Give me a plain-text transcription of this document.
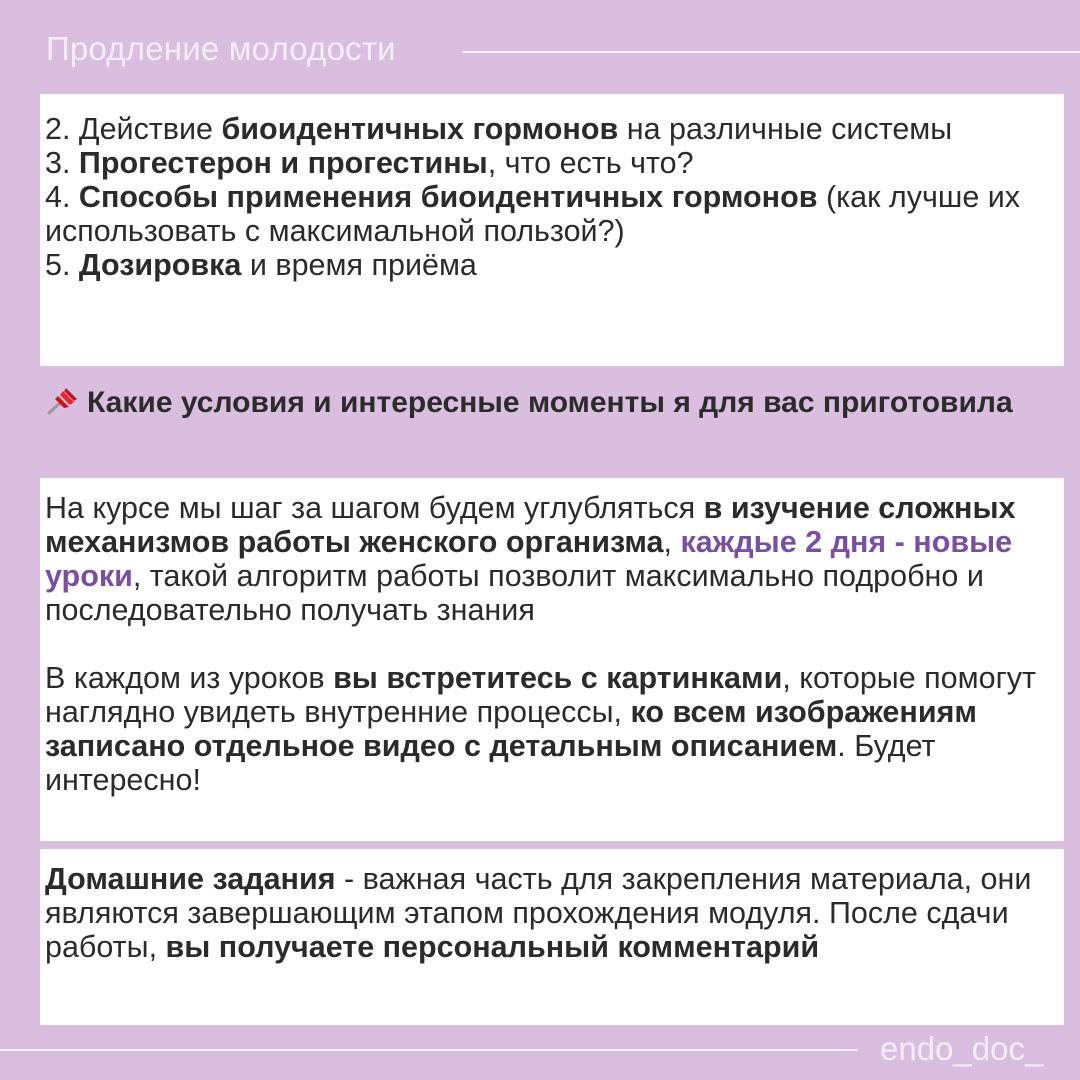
Продление молодости

2. Действие биоидентичных гормонов на различные системы

3. Прогестерон и прогестины, что есть что?

4. Способы применения биоидентичных гормонов (как лучше их использовать с максимальной пользой?)

5. Дозировка и время приёма

Какие условия и интересные моменты я для вас приготовила

На курсе мы шаг за шагом будем углубляться в изучение сложных механизмов работы женского организма, каждые 2 дня - новые уроки, такой алгоритм работы позволит максимально подробно и последовательно получать знания

В каждом из уроков вы встретитесь с картинками, которые помогут наглядно увидеть внутренние процессы, ко всем изображениям записано отдельное видео с детальным описанием. Будет интересно!

Домашние задания - важная часть для закрепления материала, они являются завершающим этапом прохождения модуля. После сдачи работы, вы получаете персональный комментарий

endo_doc_
